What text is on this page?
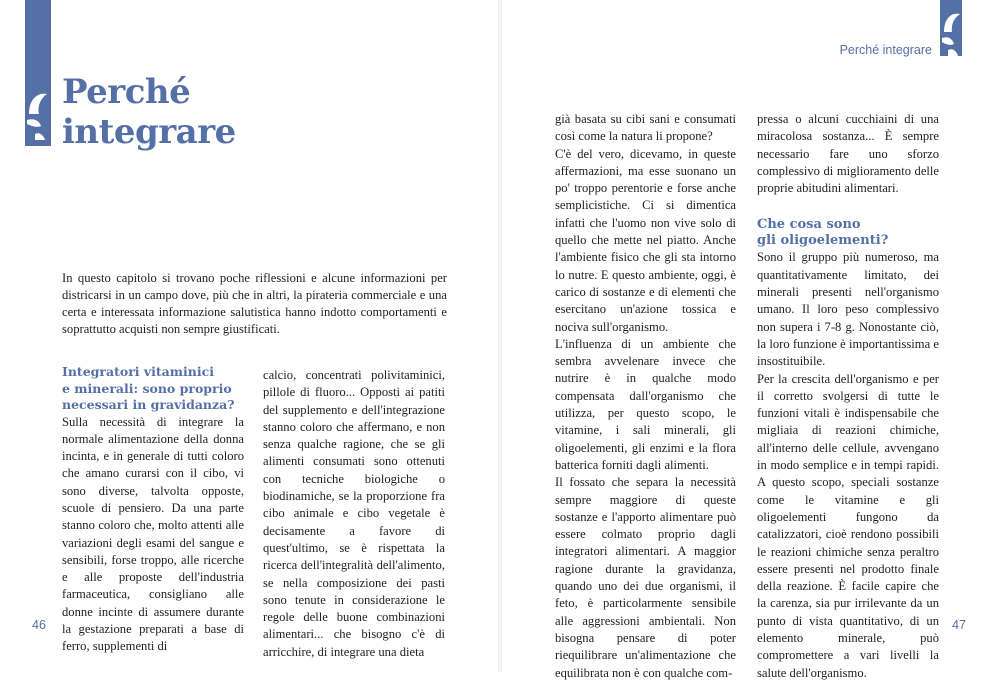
Perché
integrare

In questo capitolo si trovano poche riflessioni e alcune informazioni per districarsi in un campo dove, più che in altri, la pirateria commerciale e una certa e interessata informazione salutistica hanno indotto comportamenti e soprattutto acquisti non sempre giustificati.

Integratori vitaminici
e minerali: sono proprio
necessari in gravidanza?

Sulla necessità di integrare la normale alimentazione della donna incinta, e in generale di tutti coloro che amano curarsi con il cibo, vi sono diverse, talvolta opposte, scuole di pensiero. Da una parte stanno coloro che, molto attenti alle variazioni degli esami del sangue e sensibili, forse troppo, alle ricerche e alle proposte dell'industria farmaceutica, consigliano alle donne incinte di assumere durante la gestazione preparati a base di ferro, supplementi di

calcio, concentrati polivitaminici, pillole di fluoro... Opposti ai patiti del supplemento e dell'integrazione stanno coloro che affermano, e non senza qualche ragione, che se gli alimenti consumati sono ottenuti con tecniche biologiche o biodinamiche, se la proporzione fra cibo animale e cibo vegetale è decisamente a favore di quest'ultimo, se è rispettata la ricerca dell'integralità dell'alimento, se nella composizione dei pasti sono tenute in considerazione le regole delle buone combinazioni alimentari... che bisogno c'è di arricchire, di integrare una dieta

46
Perché integrare

già basata su cibi sani e consumati così come la natura li propone?

C'è del vero, dicevamo, in queste affermazioni, ma esse suonano un po' troppo perentorie e forse anche semplicistiche. Ci si dimentica infatti che l'uomo non vive solo di quello che mette nel piatto. Anche l'ambiente fisico che gli sta intorno lo nutre. E questo ambiente, oggi, è carico di sostanze e di elementi che esercitano un'azione tossica e nociva sull'organismo.

L'influenza di un ambiente che sembra avvelenare invece che nutrire è in qualche modo compensata dall'organismo che utilizza, per questo scopo, le vitamine, i sali minerali, gli oligoelementi, gli enzimi e la flora batterica forniti dagli alimenti.

Il fossato che separa la necessità sempre maggiore di queste sostanze e l'apporto alimentare può essere colmato proprio dagli integratori alimentari. A maggior ragione durante la gravidanza, quando uno dei due organismi, il feto, è particolarmente sensibile alle aggressioni ambientali. Non bisogna pensare di poter riequilibrare un'alimentazione che equilibrata non è con qualche com-

pressa o alcuni cucchiaini di una miracolosa sostanza... È sempre necessario fare uno sforzo complessivo di miglioramento delle proprie abitudini alimentari.

Che cosa sono
gli oligoelementi?

Sono il gruppo più numeroso, ma quantitativamente limitato, dei minerali presenti nell'organismo umano. Il loro peso complessivo non supera i 7-8 g. Nonostante ciò, la loro funzione è importantissima e insostituibile.

Per la crescita dell'organismo e per il corretto svolgersi di tutte le funzioni vitali è indispensabile che migliaia di reazioni chimiche, all'interno delle cellule, avvengano in modo semplice e in tempi rapidi. A questo scopo, speciali sostanze come le vitamine e gli oligoelementi fungono da catalizzatori, cioè rendono possibili le reazioni chimiche senza peraltro essere presenti nel prodotto finale della reazione. È facile capire che la carenza, sia pur irrilevante da un punto di vista quantitativo, di un elemento minerale, può compromettere a vari livelli la salute dell'organismo.

47
